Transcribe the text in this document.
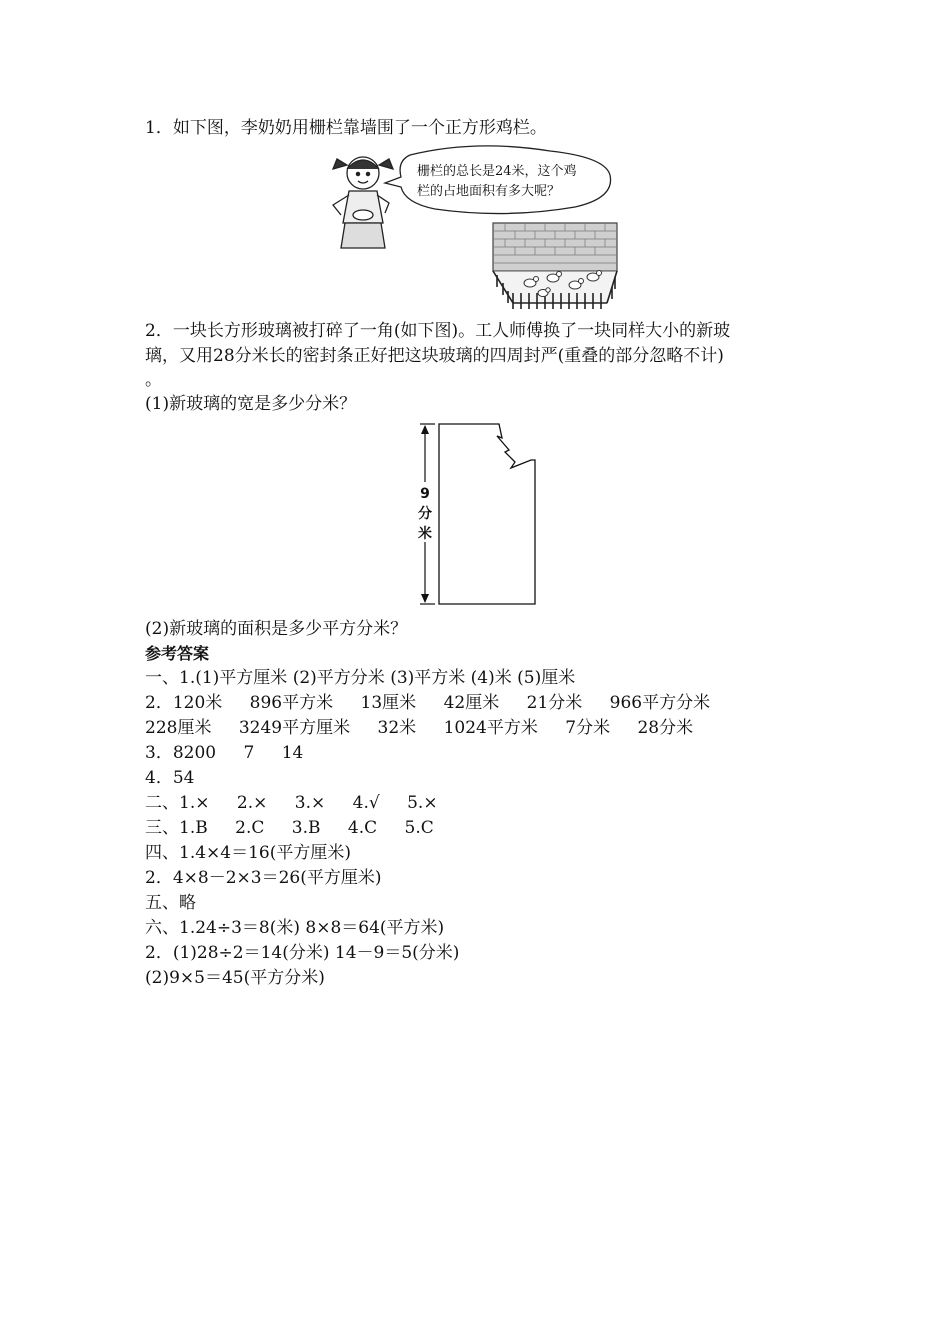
1．如下图，李奶奶用栅栏靠墙围了一个正方形鸡栏。
栅栏的总长是24米，这个鸡
栏的占地面积有多大呢？
2．一块长方形玻璃被打碎了一角(如下图)。工人师傅换了一块同样大小的新玻
璃，又用28分米长的密封条正好把这块玻璃的四周封严(重叠的部分忽略不计)
。
(1)新玻璃的宽是多少分米？
9
分
米
(2)新玻璃的面积是多少平方分米？
参考答案
一、1.(1)平方厘米 (2)平方分米 (3)平方米 (4)米 (5)厘米
2．120米 896平方米 13厘米 42厘米 21分米 966平方分米
228厘米 3249平方厘米 32米 1024平方米 7分米 28分米
3．8200 7 14
4．54
二、1.× 2.× 3.× 4.√ 5.×
三、1.B 2.C 3.B 4.C 5.C
四、1.4×4＝16(平方厘米)
2．4×8－2×3＝26(平方厘米)
五、略
六、1.24÷3＝8(米) 8×8＝64(平方米)
2．(1)28÷2＝14(分米) 14－9＝5(分米)
(2)9×5＝45(平方分米)
